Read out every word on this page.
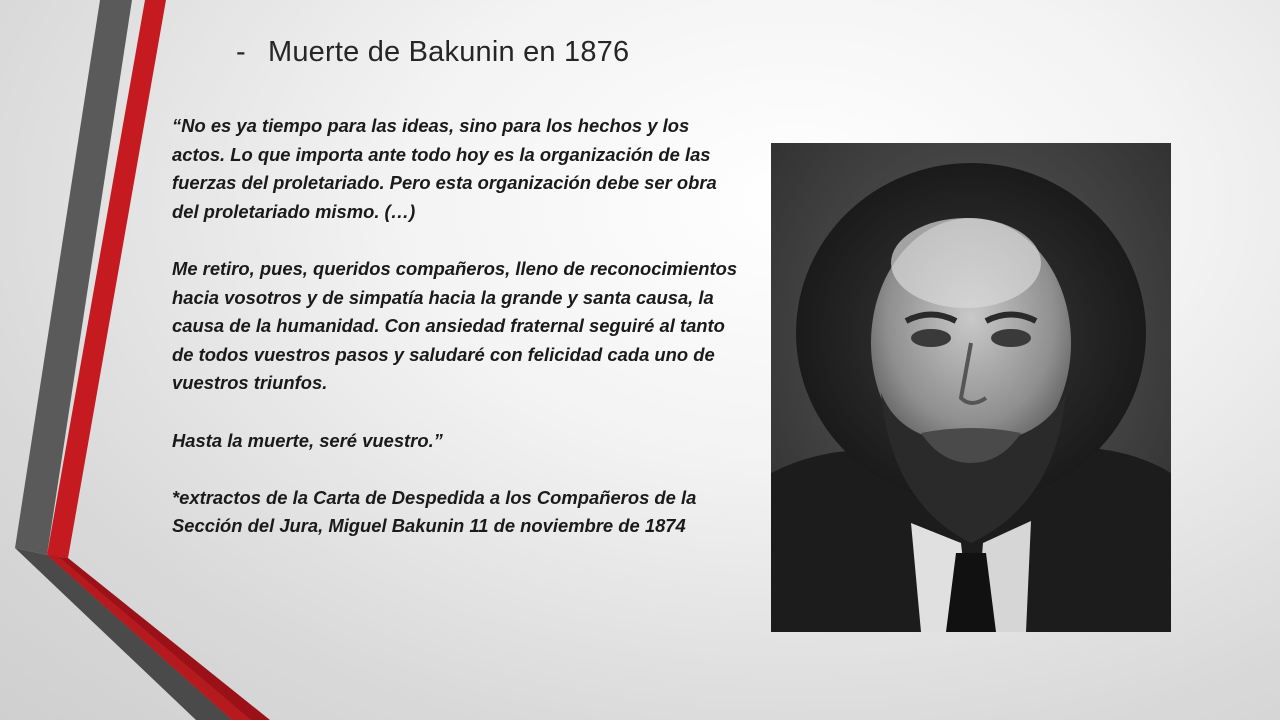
- Muerte de Bakunin en 1876

“No es ya tiempo para las ideas, sino para los hechos y los actos. Lo que importa ante todo hoy es la organización de las fuerzas del proletariado. Pero esta organización debe ser obra del proletariado mismo. (…)

Me retiro, pues, queridos compañeros, lleno de reconocimientos hacia vosotros y de simpatía hacia la grande y santa causa, la causa de la humanidad. Con ansiedad fraternal seguiré al tanto de todos vuestros pasos y saludaré con felicidad cada uno de vuestros triunfos.

Hasta la muerte, seré vuestro.”

*extractos de la Carta de Despedida a los Compañeros de la Sección del Jura, Miguel Bakunin 11 de noviembre de 1874
